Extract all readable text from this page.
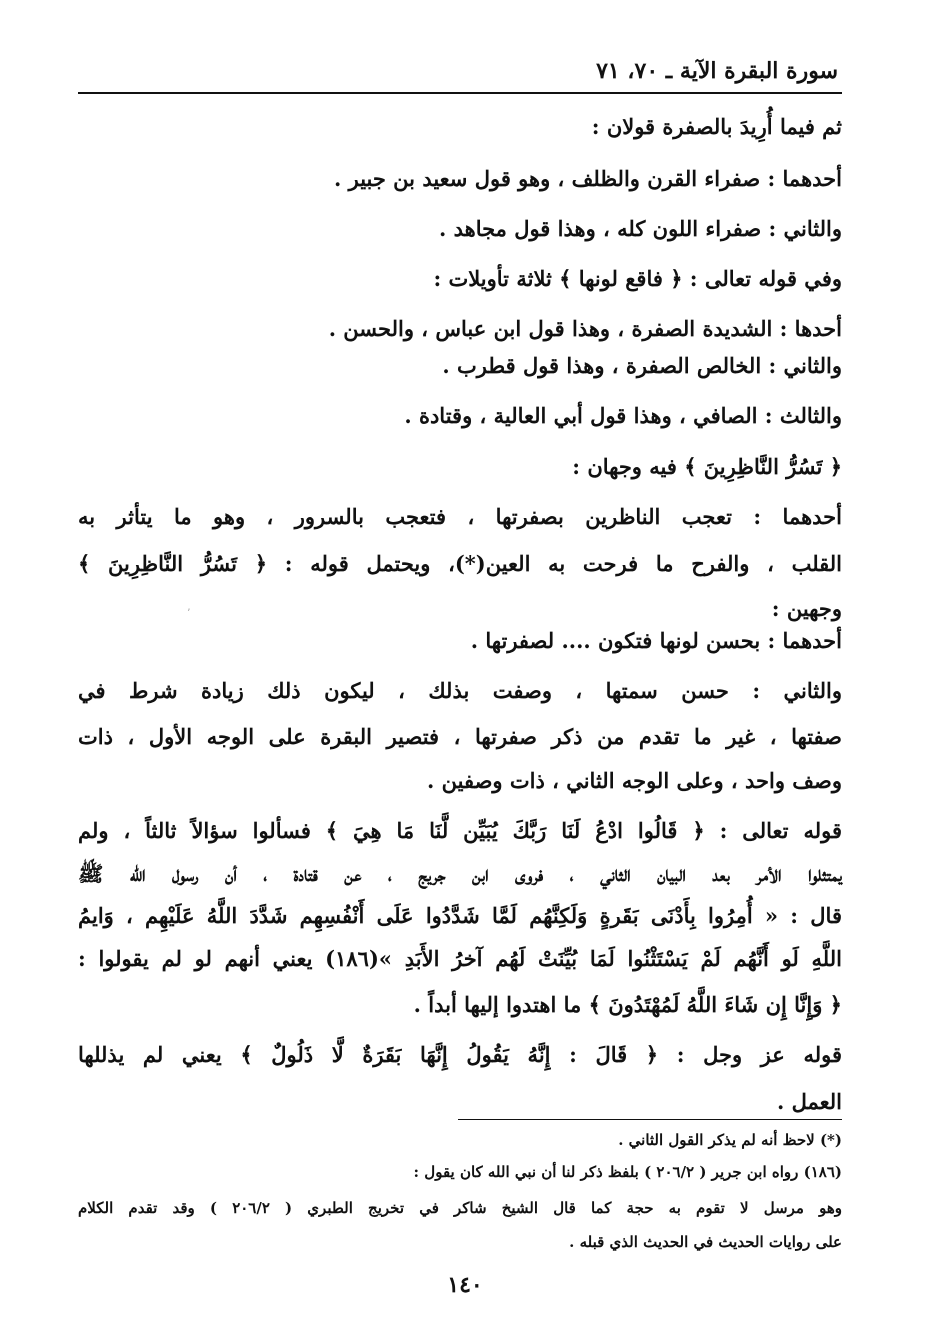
سورة البقرة الآية ـ ٧٠، ٧١
ثم فيما أُرِيدَ بالصفرة قولان :
أحدهما : صفراء القرن والظلف ، وهو قول سعيد بن جبير .
والثاني : صفراء اللون كله ، وهذا قول مجاهد .
وفي قوله تعالى : ﴿ فاقع لونها ﴾ ثلاثة تأويلات :
أحدها : الشديدة الصفرة ، وهذا قول ابن عباس ، والحسن .
والثاني : الخالص الصفرة ، وهذا قول قطرب .
والثالث : الصافي ، وهذا قول أبي العالية ، وقتادة .
﴿ تَسُرُّ النَّاظِرِينَ ﴾ فيه وجهان :
أحدهما : تعجب الناظرين بصفرتها ، فتعجب بالسرور ، وهو ما يتأثر به
القلب ، والفرح ما فرحت به العين(*)، ويحتمل قوله : ﴿ تَسُرُّ النَّاظِرِينَ ﴾
وجهين :
أحدهما : بحسن لونها فتكون .... لصفرتها .
والثاني : حسن سمتها ، وصفت بذلك ، ليكون ذلك زيادة شرط في
صفتها ، غير ما تقدم من ذكر صفرتها ، فتصير البقرة على الوجه الأول ، ذات
وصف واحد ، وعلى الوجه الثاني ، ذات وصفين .
قوله تعالى : ﴿ قَالُوا ادْعُ لَنَا رَبَّكَ يُبَيِّن لَّنَا مَا هِيَ ﴾ فسألوا سؤالاً ثالثاً ، ولم
يمتثلوا الأمر بعد البيان الثاني ، فروى ابن جريج ، عن قتادة ، أن رسول الله ﷺ
قال : « أُمِرُوا بِأَدْنَى بَقَرةٍ وَلَكِنَّهُم لَمَّا شَدَّدُوا عَلَى أَنْفُسِهِم شَدَّدَ اللَّهُ عَلَيْهِم ، وَايمُ
اللَّهِ لَو أَنَّهُم لَمْ يَسْتَثْنُوا لَمَا بُيِّنَتْ لَهُم آخرُ الأَبَدِ »(١٨٦) يعني أنهم لو لم يقولوا :
﴿ وَإِنَّا إِن شَاءَ اللَّهُ لَمُهْتَدُونَ ﴾ ما اهتدوا إليها أبداً .
قوله عز وجل : ﴿ قَالَ : إِنَّهُ يَقُولُ إِنَّهَا بَقَرَةٌ لَّا ذَلُولٌ ﴾ يعني لم يذللها
العمل .
ʼ
(*) لاحظ أنه لم يذكر القول الثاني .
(١٨٦) رواه ابن جرير ( ٢٠٦/٢ ) بلفظ ذكر لنا أن نبي الله كان يقول :
وهو مرسل لا تقوم به حجة كما قال الشيخ شاكر في تخريج الطبري ( ٢٠٦/٢ ) وقد تقدم الكلام
على روايات الحديث في الحديث الذي قبله .
١٤٠
